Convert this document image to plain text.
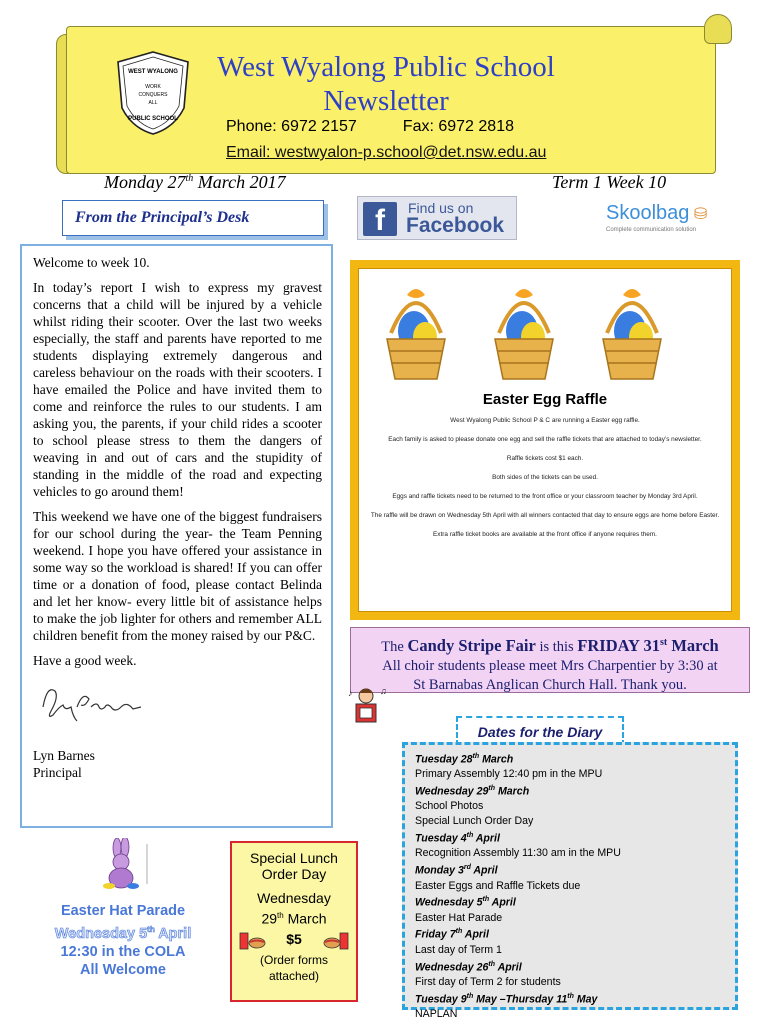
WEST WYALONG
WORK
CONQUERS
ALL
PUBLIC SCHOOL
West Wyalong Public School
Newsletter
Phone: 6972 2157	Fax: 6972 2818
Email: westwyalon-p.school@det.nsw.edu.au
Monday 27th March 2017	Term 1 Week 10
From the Principal’s Desk	f	Find us on
Facebook
Skoolbag ⛁
Complete communication solution

Welcome to week 10.

In today’s report I wish to express my gravest concerns that a child will be injured by a vehicle whilst riding their scooter. Over the last two weeks especially, the staff and parents have reported to me students displaying extremely dangerous and careless behaviour on the roads with their scooters. I have emailed the Police and have invited them to come and reinforce the rules to our students. I am asking you, the parents, if your child rides a scooter to school please stress to them the dangers of weaving in and out of cars and the stupidity of standing in the middle of the road and expecting vehicles to go around them!

This weekend we have one of the biggest fundraisers for our school during the year- the Team Penning weekend. I hope you have offered your assistance in some way so the workload is shared! If you can offer time or a donation of food, please contact Belinda and let her know- every little bit of assistance helps to make the job lighter for others and remember ALL children benefit from the money raised by our P&C.

Have a good week.

Lyn Barnes

Principal

Easter Egg Raffle
West Wyalong Public School P & C are running a Easter egg raffle.
Each family is asked to please donate one egg and sell the raffle tickets that are attached to today’s newsletter.
Raffle tickets cost $1 each.
Both sides of the tickets can be used.
Eggs and raffle tickets need to be returned to the front office or your classroom teacher by Monday 3rd April.
The raffle will be drawn on Wednesday 5th April with all winners contacted that day to ensure eggs are home before Easter.
Extra raffle ticket books are available at the front office if anyone requires them.
The Candy Stripe Fair is this FRIDAY 31st March
All choir students please meet Mrs Charpentier by 3:30 at
St Barnabas Anglican Church Hall. Thank you.
♪	♫
Dates for the Diary
Tuesday 28th March
Primary Assembly 12:40 pm in the MPU
Wednesday 29th March
School Photos
Special Lunch Order Day
Tuesday 4th April
Recognition Assembly 11:30 am in the MPU
Monday 3rd April
Easter Eggs and Raffle Tickets due
Wednesday 5th April
Easter Hat Parade
Friday 7th April
Last day of Term 1
Wednesday 26th April
First day of Term 2 for students
Tuesday 9th May –Thursday 11th May
NAPLAN
Special Lunch
Order Day
Wednesday
29th March
$5
(Order forms
attached)
Easter Hat Parade
Wednesday 5th April
12:30 in the COLA
All Welcome
